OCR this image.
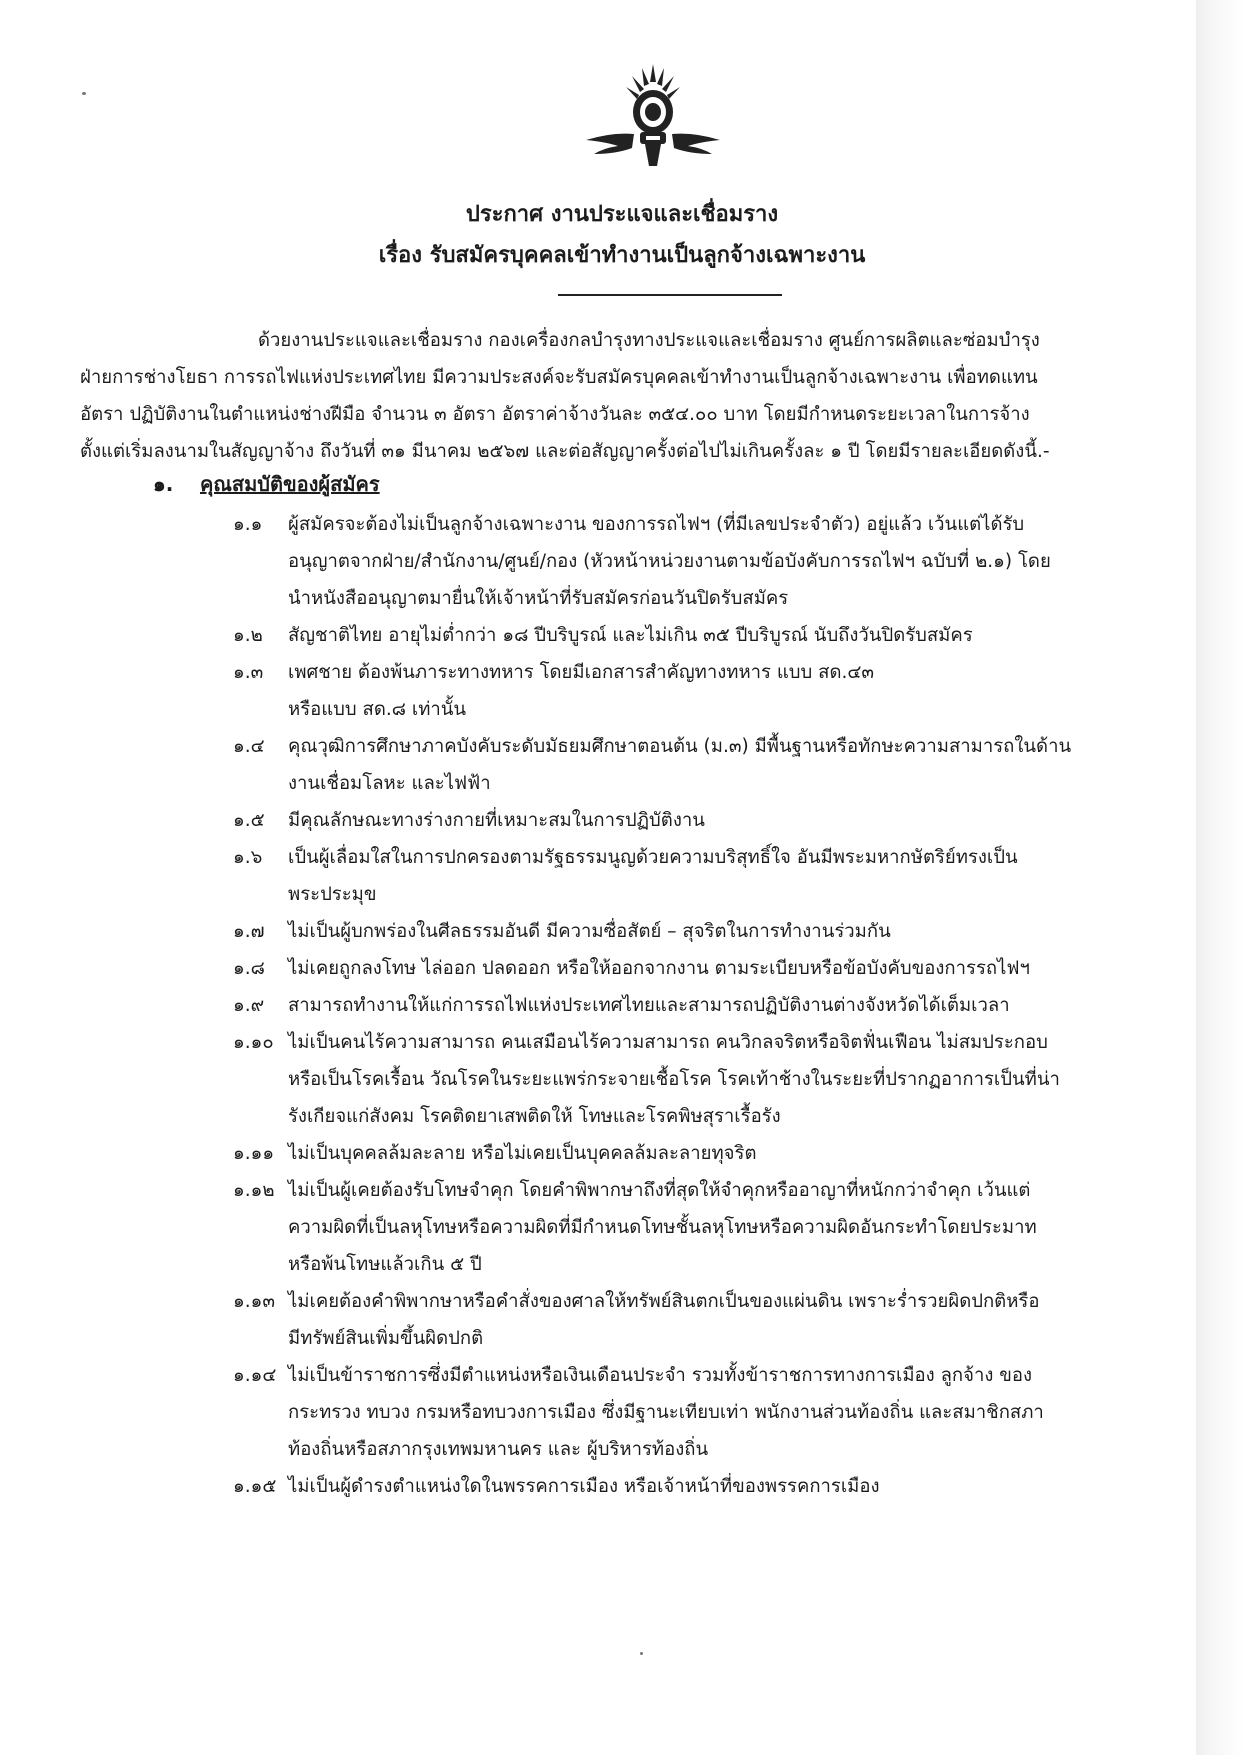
ประกาศ งานประแจและเชื่อมราง
เรื่อง รับสมัครบุคคลเข้าทำงานเป็นลูกจ้างเฉพาะงาน
ด้วยงานประแจและเชื่อมราง กองเครื่องกลบำรุงทางประแจและเชื่อมราง ศูนย์การผลิตและซ่อมบำรุง
ฝ่ายการช่างโยธา การรถไฟแห่งประเทศไทย มีความประสงค์จะรับสมัครบุคคลเข้าทำงานเป็นลูกจ้างเฉพาะงาน เพื่อทดแทน
อัตรา ปฏิบัติงานในตำแหน่งช่างฝีมือ จำนวน ๓ อัตรา อัตราค่าจ้างวันละ ๓๕๔.๐๐ บาท โดยมีกำหนดระยะเวลาในการจ้าง
ตั้งแต่เริ่มลงนามในสัญญาจ้าง ถึงวันที่ ๓๑ มีนาคม ๒๕๖๗ และต่อสัญญาครั้งต่อไปไม่เกินครั้งละ ๑ ปี โดยมีรายละเอียดดังนี้.-
๑. คุณสมบัติของผู้สมัคร
๑.๑	ผู้สมัครจะต้องไม่เป็นลูกจ้างเฉพาะงาน ของการรถไฟฯ (ที่มีเลขประจำตัว) อยู่แล้ว เว้นแต่ได้รับ
อนุญาตจากฝ่าย/สำนักงาน/ศูนย์/กอง (หัวหน้าหน่วยงานตามข้อบังคับการรถไฟฯ ฉบับที่ ๒.๑) โดย
นำหนังสืออนุญาตมายื่นให้เจ้าหน้าที่รับสมัครก่อนวันปิดรับสมัคร
๑.๒	สัญชาติไทย อายุไม่ต่ำกว่า ๑๘ ปีบริบูรณ์ และไม่เกิน ๓๕ ปีบริบูรณ์ นับถึงวันปิดรับสมัคร
๑.๓	เพศชาย ต้องพ้นภาระทางทหาร โดยมีเอกสารสำคัญทางทหาร แบบ สด.๔๓
หรือแบบ สด.๘ เท่านั้น
๑.๔	คุณวุฒิการศึกษาภาคบังคับระดับมัธยมศึกษาตอนต้น (ม.๓) มีพื้นฐานหรือทักษะความสามารถในด้าน
งานเชื่อมโลหะ และไฟฟ้า
๑.๕	มีคุณลักษณะทางร่างกายที่เหมาะสมในการปฏิบัติงาน
๑.๖	เป็นผู้เลื่อมใสในการปกครองตามรัฐธรรมนูญด้วยความบริสุทธิ์ใจ อันมีพระมหากษัตริย์ทรงเป็น
พระประมุข
๑.๗	ไม่เป็นผู้บกพร่องในศีลธรรมอันดี มีความซื่อสัตย์ – สุจริตในการทำงานร่วมกัน
๑.๘	ไม่เคยถูกลงโทษ ไล่ออก ปลดออก หรือให้ออกจากงาน ตามระเบียบหรือข้อบังคับของการรถไฟฯ
๑.๙	สามารถทำงานให้แก่การรถไฟแห่งประเทศไทยและสามารถปฏิบัติงานต่างจังหวัดได้เต็มเวลา
๑.๑๐ ไม่เป็นคนไร้ความสามารถ คนเสมือนไร้ความสามารถ คนวิกลจริตหรือจิตฟั่นเฟือน ไม่สมประกอบ
หรือเป็นโรคเรื้อน วัณโรคในระยะแพร่กระจายเชื้อโรค โรคเท้าช้างในระยะที่ปรากฏอาการเป็นที่น่า
รังเกียจแก่สังคม โรคติดยาเสพติดให้ โทษและโรคพิษสุราเรื้อรัง
๑.๑๑ ไม่เป็นบุคคลล้มละลาย หรือไม่เคยเป็นบุคคลล้มละลายทุจริต
๑.๑๒ ไม่เป็นผู้เคยต้องรับโทษจำคุก โดยคำพิพากษาถึงที่สุดให้จำคุกหรืออาญาที่หนักกว่าจำคุก เว้นแต่
ความผิดที่เป็นลหุโทษหรือความผิดที่มีกำหนดโทษชั้นลหุโทษหรือความผิดอันกระทำโดยประมาท
หรือพ้นโทษแล้วเกิน ๕ ปี
๑.๑๓ ไม่เคยต้องคำพิพากษาหรือคำสั่งของศาลให้ทรัพย์สินตกเป็นของแผ่นดิน เพราะร่ำรวยผิดปกติหรือ
มีทรัพย์สินเพิ่มขึ้นผิดปกติ
๑.๑๔ ไม่เป็นข้าราชการซึ่งมีตำแหน่งหรือเงินเดือนประจำ รวมทั้งข้าราชการทางการเมือง ลูกจ้าง ของ
กระทรวง ทบวง กรมหรือทบวงการเมือง ซึ่งมีฐานะเทียบเท่า พนักงานส่วนท้องถิ่น และสมาชิกสภา
ท้องถิ่นหรือสภากรุงเทพมหานคร และ ผู้บริหารท้องถิ่น
๑.๑๕ ไม่เป็นผู้ดำรงตำแหน่งใดในพรรคการเมือง หรือเจ้าหน้าที่ของพรรคการเมือง
